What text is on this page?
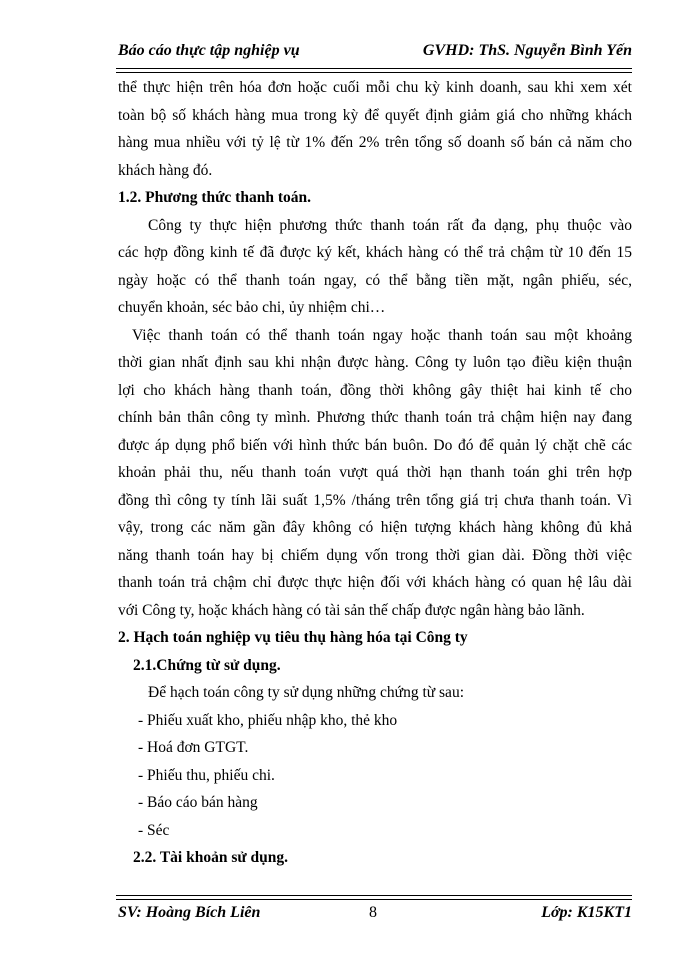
Báo cáo thực tập nghiệp vụ	GVHD: ThS. Nguyễn Bình Yến
thể thực hiện trên hóa đơn hoặc cuối mỗi chu kỳ kinh doanh, sau khi xem xét
toàn bộ số khách hàng mua trong kỳ để quyết định giảm giá cho những khách
hàng mua nhiều với tỷ lệ từ 1% đến 2% trên tổng số doanh số bán cả năm cho
khách hàng đó.
1.2. Phương thức thanh toán.
Công ty thực hiện phương thức thanh toán rất đa dạng, phụ thuộc vào
các hợp đồng kinh tế đã được ký kết, khách hàng có thể trả chậm từ 10 đến 15
ngày hoặc có thể thanh toán ngay, có thể bằng tiền mặt, ngân phiếu, séc,
chuyển khoản, séc bảo chi, ủy nhiệm chi…
Việc thanh toán có thể thanh toán ngay hoặc thanh toán sau một khoảng
thời gian nhất định sau khi nhận được hàng. Công ty luôn tạo điều kiện thuận
lợi cho khách hàng thanh toán, đồng thời không gây thiệt hai kinh tế cho
chính bản thân công ty mình. Phương thức thanh toán trả chậm hiện nay đang
được áp dụng phổ biến với hình thức bán buôn. Do đó để quản lý chặt chẽ các
khoản phải thu, nếu thanh toán vượt quá thời hạn thanh toán ghi trên hợp
đồng thì công ty tính lãi suất 1,5% /tháng trên tổng giá trị chưa thanh toán. Vì
vậy, trong các năm gần đây không có hiện tượng khách hàng không đủ khả
năng thanh toán hay bị chiếm dụng vốn trong thời gian dài. Đồng thời việc
thanh toán trả chậm chỉ được thực hiện đối với khách hàng có quan hệ lâu dài
với Công ty, hoặc khách hàng có tài sản thế chấp được ngân hàng bảo lãnh.
2. Hạch toán nghiệp vụ tiêu thụ hàng hóa tại Công ty
2.1.Chứng từ sử dụng.
Để hạch toán công ty sử dụng những chứng từ sau:
- Phiếu xuất kho, phiếu nhập kho, thẻ kho
- Hoá đơn GTGT.
- Phiếu thu, phiếu chi.
- Báo cáo bán hàng
- Séc
2.2. Tài khoản sử dụng.
SV: Hoàng Bích Liên	8	Lớp: K15KT1
